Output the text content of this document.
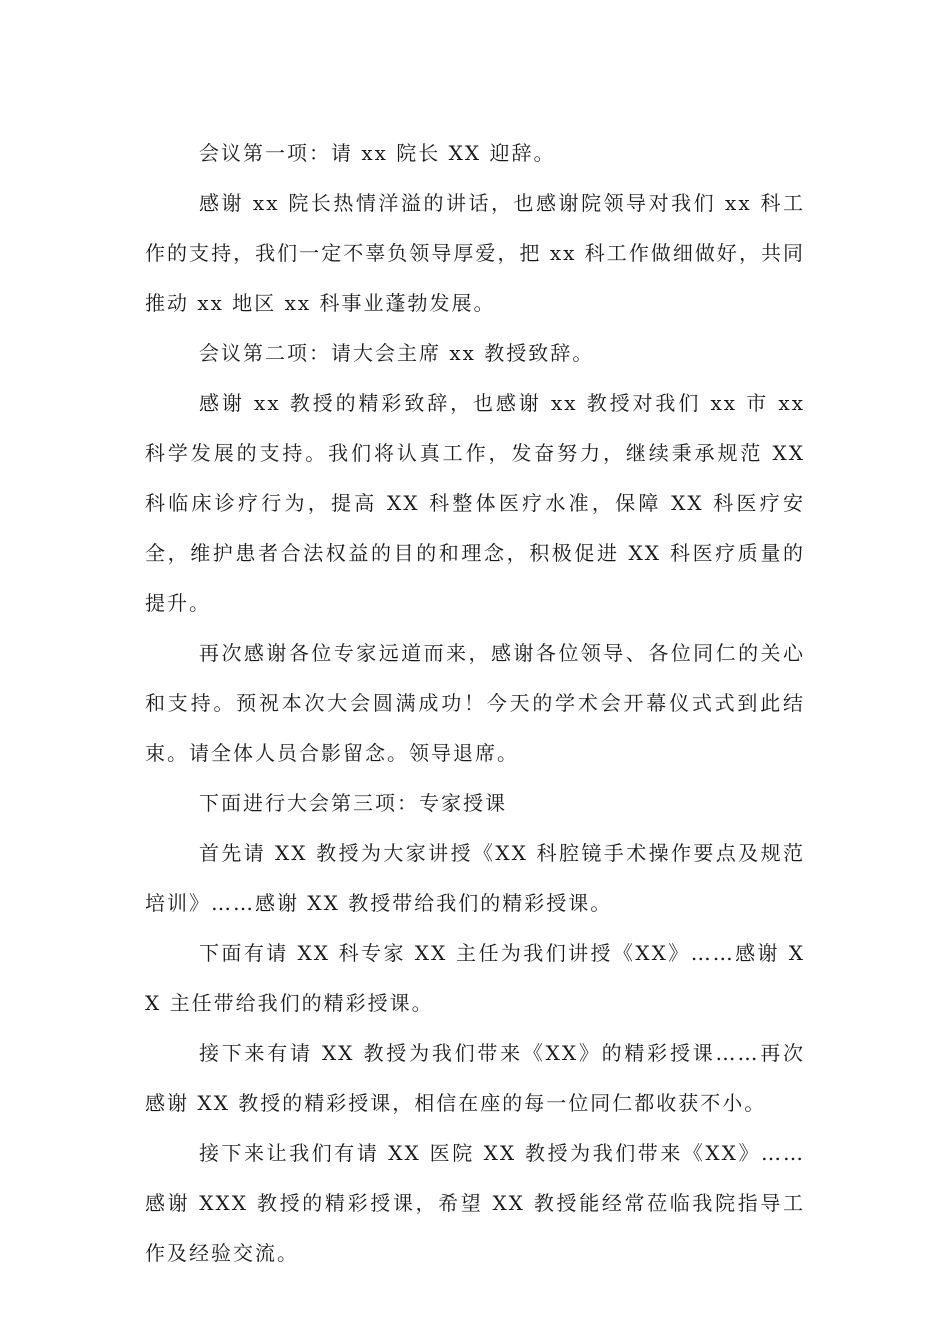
会议第一项：请 xx 院长 XX 迎辞。

感谢 xx 院长热情洋溢的讲话，也感谢院领导对我们 xx 科工作的支持，我们一定不辜负领导厚爱，把 xx 科工作做细做好，共同推动 xx 地区 xx 科事业蓬勃发展。

会议第二项：请大会主席 xx 教授致辞。

感谢 xx 教授的精彩致辞，也感谢 xx 教授对我们 xx 市 xx 科学发展的支持。我们将认真工作，发奋努力，继续秉承规范 XX 科临床诊疗行为，提高 XX 科整体医疗水准，保障 XX 科医疗安全，维护患者合法权益的目的和理念，积极促进 XX 科医疗质量的提升。

再次感谢各位专家远道而来，感谢各位领导、各位同仁的关心和支持。预祝本次大会圆满成功！今天的学术会开幕仪式式到此结束。请全体人员合影留念。领导退席。

下面进行大会第三项：专家授课

首先请 XX 教授为大家讲授《XX 科腔镜手术操作要点及规范培训》……感谢 XX 教授带给我们的精彩授课。

下面有请 XX 科专家 XX 主任为我们讲授《XX》……感谢 XX 主任带给我们的精彩授课。

接下来有请 XX 教授为我们带来《XX》的精彩授课……再次感谢 XX 教授的精彩授课，相信在座的每一位同仁都收获不小。

接下来让我们有请 XX 医院 XX 教授为我们带来《XX》……感谢 XXX 教授的精彩授课，希望 XX 教授能经常莅临我院指导工作及经验交流。
